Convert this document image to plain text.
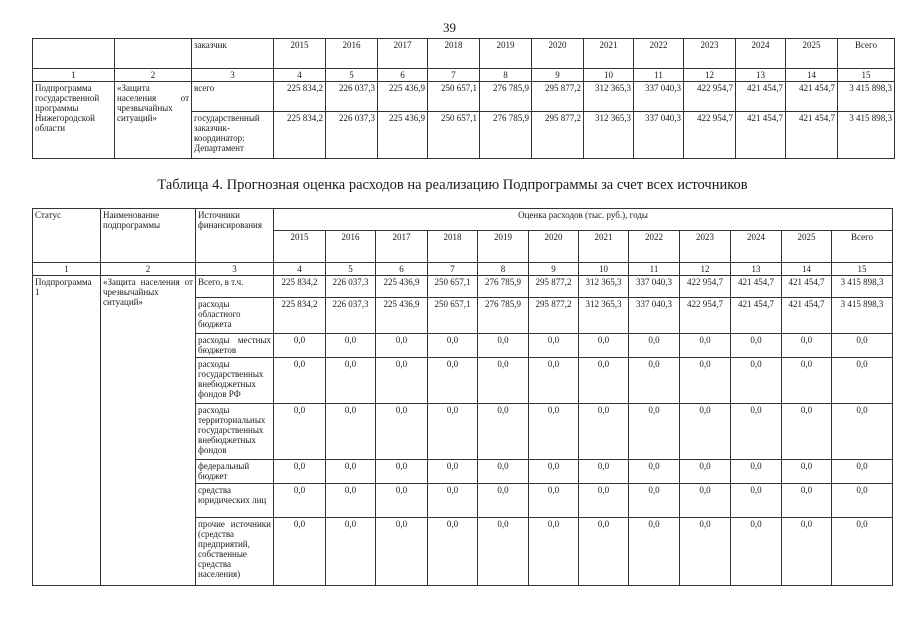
39
		заказчик	2015	2016	2017	2018	2019	2020	2021	2022	2023	2024	2025	Всего
1	2	3	4	5	6	7	8	9	10	11	12	13	14	15
Подпрограмма государственной программы Нижегородской области	«Защита населения от чрезвычайных ситуаций»	всего	225 834,2	226 037,3	225 436,9	250 657,1	276 785,9	295 877,2	312 365,3	337 040,3	422 954,7	421 454,7	421 454,7	3 415 898,3
		государственный заказчик-координатор: Департамент	225 834,2	226 037,3	225 436,9	250 657,1	276 785,9	295 877,2	312 365,3	337 040,3	422 954,7	421 454,7	421 454,7	3 415 898,3
Таблица 4. Прогнозная оценка расходов на реализацию Подпрограммы за счет всех источников
Статус	Наименование подпрограммы	Источники финансирования	Оценка расходов (тыс. руб.), годы											
			2015	2016	2017	2018	2019	2020	2021	2022	2023	2024	2025	Всего
1	2	3	4	5	6	7	8	9	10	11	12	13	14	15
Подпрограмма 1	«Защита населения от чрезвычайных ситуаций»	Всего, в т.ч.	225 834,2	226 037,3	225 436,9	250 657,1	276 785,9	295 877,2	312 365,3	337 040,3	422 954,7	421 454,7	421 454,7	3 415 898,3
		расходы областного бюджета	225 834,2	226 037,3	225 436,9	250 657,1	276 785,9	295 877,2	312 365,3	337 040,3	422 954,7	421 454,7	421 454,7	3 415 898,3
		расходы местных бюджетов	0,0	0,0	0,0	0,0	0,0	0,0	0,0	0,0	0,0	0,0	0,0	0,0
		расходы государственных внебюджетных фондов РФ	0,0	0,0	0,0	0,0	0,0	0,0	0,0	0,0	0,0	0,0	0,0	0,0
		расходы территориальных государственных внебюджетных фондов	0,0	0,0	0,0	0,0	0,0	0,0	0,0	0,0	0,0	0,0	0,0	0,0
		федеральный бюджет	0,0	0,0	0,0	0,0	0,0	0,0	0,0	0,0	0,0	0,0	0,0	0,0
		средства юридических лиц	0,0	0,0	0,0	0,0	0,0	0,0	0,0	0,0	0,0	0,0	0,0	0,0
		прочие источники (средства предприятий, собственные средства населения)	0,0	0,0	0,0	0,0	0,0	0,0	0,0	0,0	0,0	0,0	0,0	0,0
